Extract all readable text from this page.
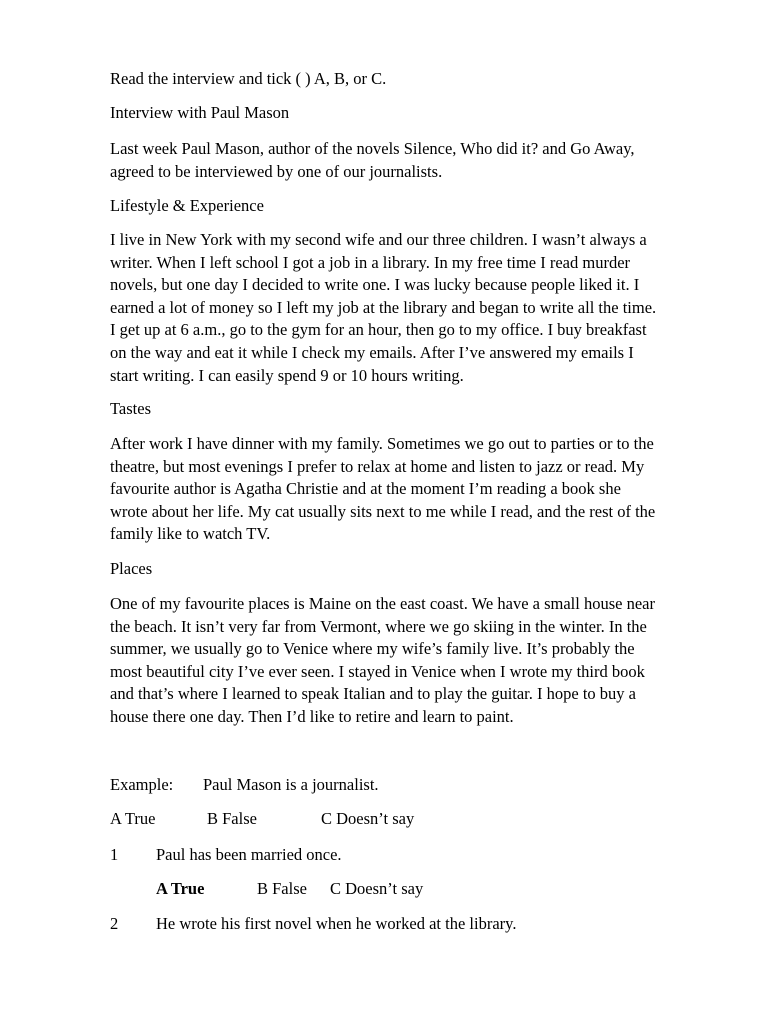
Read the interview and tick ( ) A, B, or C.
Interview with Paul Mason
Last week Paul Mason, author of the novels Silence, Who did it? and Go Away,
agreed to be interviewed by one of our journalists.
Lifestyle & Experience
I live in New York with my second wife and our three children. I wasn’t always a
writer. When I left school I got a job in a library. In my free time I read murder
novels, but one day I decided to write one. I was lucky because people liked it. I
earned a lot of money so I left my job at the library and began to write all the time.
I get up at 6 a.m., go to the gym for an hour, then go to my office. I buy breakfast
on the way and eat it while I check my emails. After I’ve answered my emails I
start writing. I can easily spend 9 or 10 hours writing.
Tastes
After work I have dinner with my family. Sometimes we go out to parties or to the
theatre, but most evenings I prefer to relax at home and listen to jazz or read. My
favourite author is Agatha Christie and at the moment I’m reading a book she
wrote about her life. My cat usually sits next to me while I read, and the rest of the
family like to watch TV.
Places
One of my favourite places is Maine on the east coast. We have a small house near
the beach. It isn’t very far from Vermont, where we go skiing in the winter. In the
summer, we usually go to Venice where my wife’s family live. It’s probably the
most beautiful city I’ve ever seen. I stayed in Venice when I wrote my third book
and that’s where I learned to speak Italian and to play the guitar. I hope to buy a
house there one day. Then I’d like to retire and learn to paint.
Example: Paul Mason is a journalist.
A True	B False	C Doesn’t say
1 Paul has been married once.
A True	B False C Doesn’t say
2 He wrote his first novel when he worked at the library.
